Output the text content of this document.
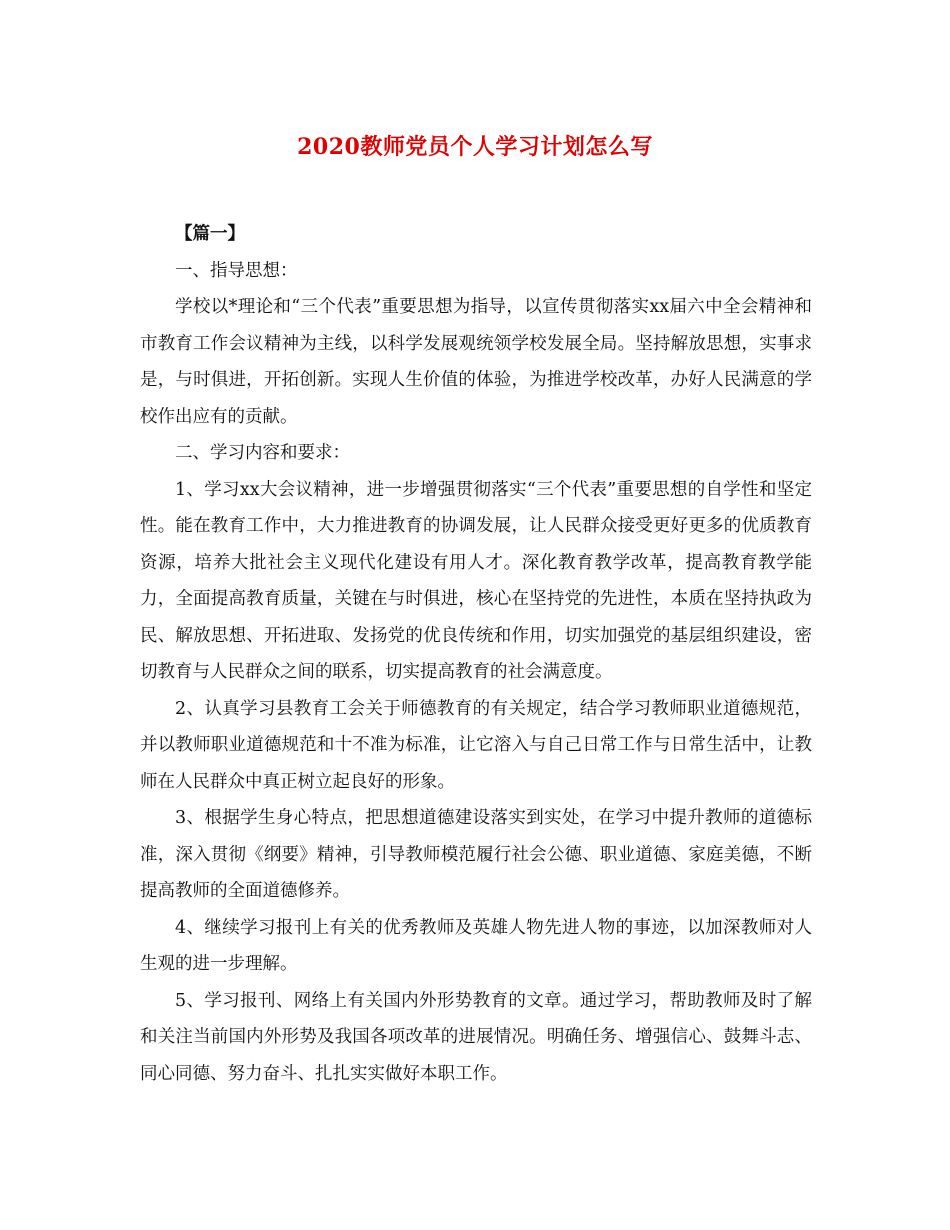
2020教师党员个人学习计划怎么写

【篇一】

一、指导思想：

学校以*理论和“三个代表”重要思想为指导，以宣传贯彻落实xx届六中全会精神和市教育工作会议精神为主线，以科学发展观统领学校发展全局。坚持解放思想，实事求是，与时俱进，开拓创新。实现人生价值的体验，为推进学校改革，办好人民满意的学校作出应有的贡献。

二、学习内容和要求：

1、学习xx大会议精神，进一步增强贯彻落实“三个代表”重要思想的自学性和坚定性。能在教育工作中，大力推进教育的协调发展，让人民群众接受更好更多的优质教育资源，培养大批社会主义现代化建设有用人才。深化教育教学改革，提高教育教学能力，全面提高教育质量，关键在与时俱进，核心在坚持党的先进性，本质在坚持执政为民、解放思想、开拓进取、发扬党的优良传统和作用，切实加强党的基层组织建设，密切教育与人民群众之间的联系，切实提高教育的社会满意度。

2、认真学习县教育工会关于师德教育的有关规定，结合学习教师职业道德规范，并以教师职业道德规范和十不准为标准，让它溶入与自己日常工作与日常生活中，让教师在人民群众中真正树立起良好的形象。

3、根据学生身心特点，把思想道德建设落实到实处，在学习中提升教师的道德标准，深入贯彻《纲要》精神，引导教师模范履行社会公德、职业道德、家庭美德，不断提高教师的全面道德修养。

4、继续学习报刊上有关的优秀教师及英雄人物先进人物的事迹，以加深教师对人生观的进一步理解。

5、学习报刊、网络上有关国内外形势教育的文章。通过学习，帮助教师及时了解和关注当前国内外形势及我国各项改革的进展情况。明确任务、增强信心、鼓舞斗志、同心同德、努力奋斗、扎扎实实做好本职工作。
